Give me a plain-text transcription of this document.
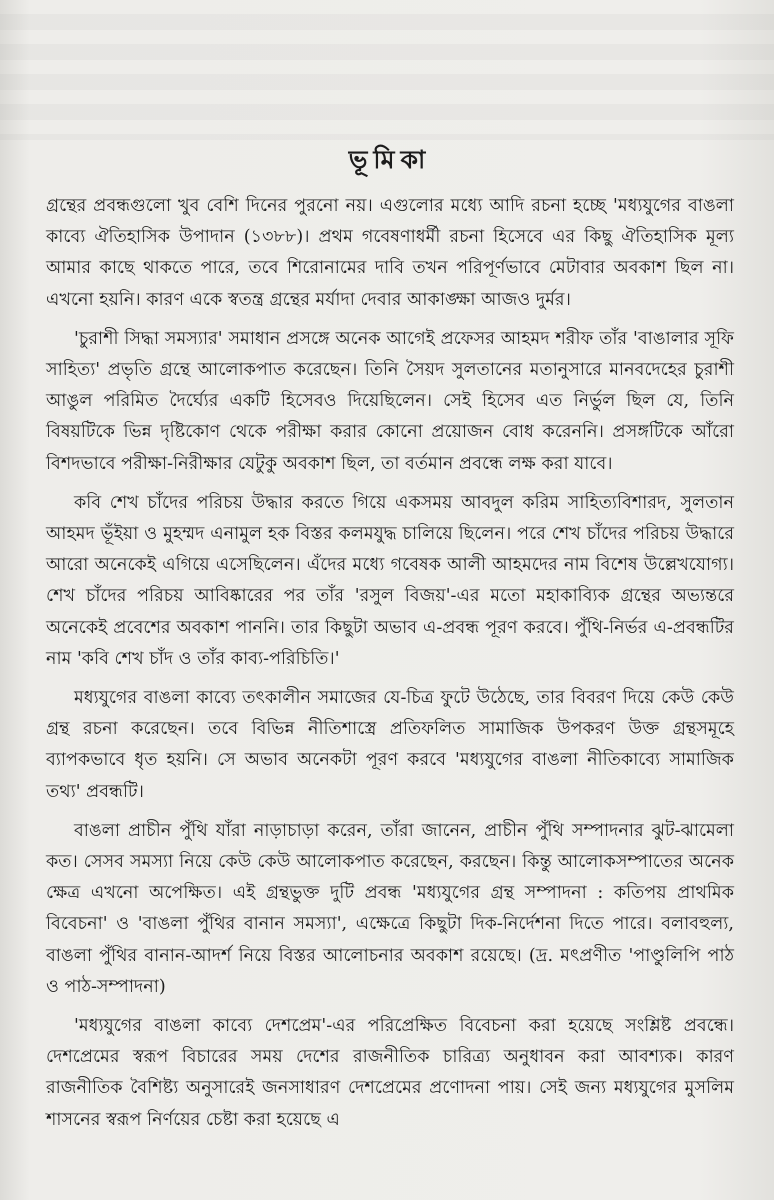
ভূমিকা

গ্রন্থের প্রবন্ধগুলো খুব বেশি দিনের পুরনো নয়। এগুলোর মধ্যে আদি রচনা হচ্ছে 'মধ্যযুগের বাঙলা কাব্যে ঐতিহাসিক উপাদান (১৩৮৮)। প্রথম গবেষণাধর্মী রচনা হিসেবে এর কিছু ঐতিহাসিক মূল্য আমার কাছে থাকতে পারে, তবে শিরোনামের দাবি তখন পরিপূর্ণভাবে মেটাবার অবকাশ ছিল না। এখনো হয়নি। কারণ একে স্বতন্ত্র গ্রন্থের মর্যাদা দেবার আকাঙ্ক্ষা আজও দুর্মর।

'চুরাশী সিদ্ধা সমস্যার' সমাধান প্রসঙ্গে অনেক আগেই প্রফেসর আহমদ শরীফ তাঁর 'বাঙালার সূফি সাহিত্য' প্রভৃতি গ্রন্থে আলোকপাত করেছেন। তিনি সৈয়দ সুলতানের মতানুসারে মানবদেহের চুরাশী আঙুল পরিমিত দৈর্ঘ্যের একটি হিসেবও দিয়েছিলেন। সেই হিসেব এত নির্ভুল ছিল যে, তিনি বিষয়টিকে ভিন্ন দৃষ্টিকোণ থেকে পরীক্ষা করার কোনো প্রয়োজন বোধ করেননি। প্রসঙ্গটিকে আঁরো বিশদভাবে পরীক্ষা-নিরীক্ষার যেটুকু অবকাশ ছিল, তা বর্তমান প্রবন্ধে লক্ষ করা যাবে।

কবি শেখ চাঁদের পরিচয় উদ্ধার করতে গিয়ে একসময় আবদুল করিম সাহিত্যবিশারদ, সুলতান আহমদ ভূঁইয়া ও মুহম্মদ এনামুল হক বিস্তর কলমযুদ্ধ চালিয়ে ছিলেন। পরে শেখ চাঁদের পরিচয় উদ্ধারে আরো অনেকেই এগিয়ে এসেছিলেন। এঁদের মধ্যে গবেষক আলী আহমদের নাম বিশেষ উল্লেখযোগ্য। শেখ চাঁদের পরিচয় আবিষ্কারের পর তাঁর 'রসুল বিজয়'-এর মতো মহাকাব্যিক গ্রন্থের অভ্যন্তরে অনেকেই প্রবেশের অবকাশ পাননি। তার কিছুটা অভাব এ-প্রবন্ধ পূরণ করবে। পুঁথি-নির্ভর এ-প্রবন্ধটির নাম 'কবি শেখ চাঁদ ও তাঁর কাব্য-পরিচিতি।'

মধ্যযুগের বাঙলা কাব্যে তৎকালীন সমাজের যে-চিত্র ফুটে উঠেছে, তার বিবরণ দিয়ে কেউ কেউ গ্রন্থ রচনা করেছেন। তবে বিভিন্ন নীতিশাস্ত্রে প্রতিফলিত সামাজিক উপকরণ উক্ত গ্রন্থসমূহে ব্যাপকভাবে ধৃত হয়নি। সে অভাব অনেকটা পূরণ করবে 'মধ্যযুগের বাঙলা নীতিকাব্যে সামাজিক তথ্য' প্রবন্ধটি।

বাঙলা প্রাচীন পুঁথি যাঁরা নাড়াচাড়া করেন, তাঁরা জানেন, প্রাচীন পুঁথি সম্পাদনার ঝুট-ঝামেলা কত। সেসব সমস্যা নিয়ে কেউ কেউ আলোকপাত করেছেন, করছেন। কিন্তু আলোকসম্পাতের অনেক ক্ষেত্র এখনো অপেক্ষিত। এই গ্রন্থভুক্ত দুটি প্রবন্ধ 'মধ্যযুগের গ্রন্থ সম্পাদনা : কতিপয় প্রাথমিক বিবেচনা' ও 'বাঙলা পুঁথির বানান সমস্যা', এক্ষেত্রে কিছুটা দিক-নির্দেশনা দিতে পারে। বলাবহুল্য, বাঙলা পুঁথির বানান-আদর্শ নিয়ে বিস্তর আলোচনার অবকাশ রয়েছে। (দ্র. মৎপ্রণীত 'পাণ্ডুলিপি পাঠ ও পাঠ-সম্পাদনা)

'মধ্যযুগের বাঙলা কাব্যে দেশপ্রেম'-এর পরিপ্রেক্ষিত বিবেচনা করা হয়েছে সংশ্লিষ্ট প্রবন্ধে। দেশপ্রেমের স্বরূপ বিচারের সময় দেশের রাজনীতিক চারিত্র্য অনুধাবন করা আবশ্যক। কারণ রাজনীতিক বৈশিষ্ট্য অনুসারেই জনসাধারণ দেশপ্রেমের প্রণোদনা পায়। সেই জন্য মধ্যযুগের মুসলিম শাসনের স্বরূপ নির্ণয়ের চেষ্টা করা হয়েছে এ
